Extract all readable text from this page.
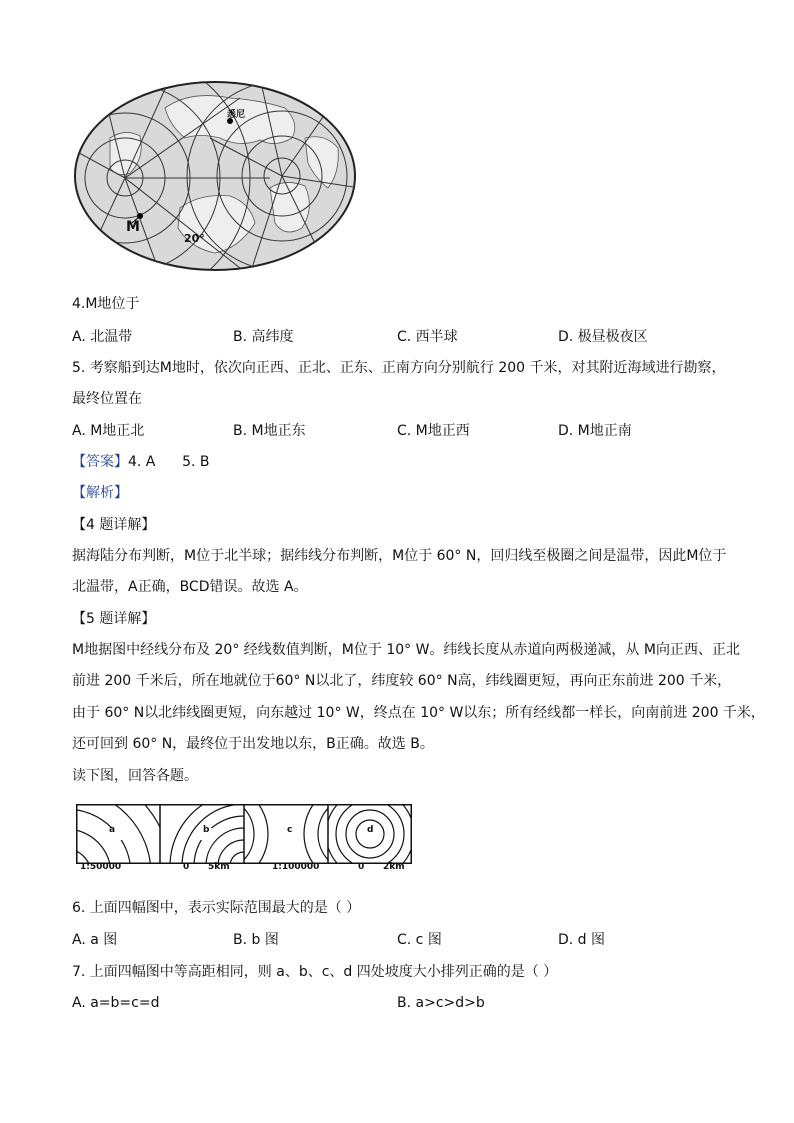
悉尼
M
20°
4.M地位于
A. 北温带	B. 高纬度	C. 西半球	D. 极昼极夜区
5. 考察船到达M地时，依次向正西、正北、正东、正南方向分别航行 200 千米，对其附近海域进行勘察，
最终位置在
A. M地正北	B. M地正东	C. M地正西	D. M地正南
【答案】4. A      5. B
【解析】
【4 题详解】
据海陆分布判断，M位于北半球；据纬线分布判断，M位于 60° N，回归线至极圈之间是温带，因此M位于
北温带，A正确，BCD错误。故选 A。
【5 题详解】
M地据图中经线分布及 20° 经线数值判断，M位于 10° W。纬线长度从赤道向两极递减，从 M向正西、正北
前进 200 千米后，所在地就位于60° N以北了，纬度较 60° N高，纬线圈更短，再向正东前进 200 千米，
由于 60° N以北纬线圈更短，向东越过 10° W，终点在 10° W以东；所有经线都一样长，向南前进 200 千米，
还可回到 60° N，最终位于出发地以东，B正确。故选 B。
读下图，回答各题。
a	b	c	d
1:50000	0 5km	1:100000	0 2km
6. 上面四幅图中，表示实际范围最大的是（ ）
A. a 图	B. b 图	C. c 图	D. d 图
7. 上面四幅图中等高距相同，则 a、b、c、d 四处坡度大小排列正确的是（ ）
A. a=b=c=d	B. a>c>d>b
